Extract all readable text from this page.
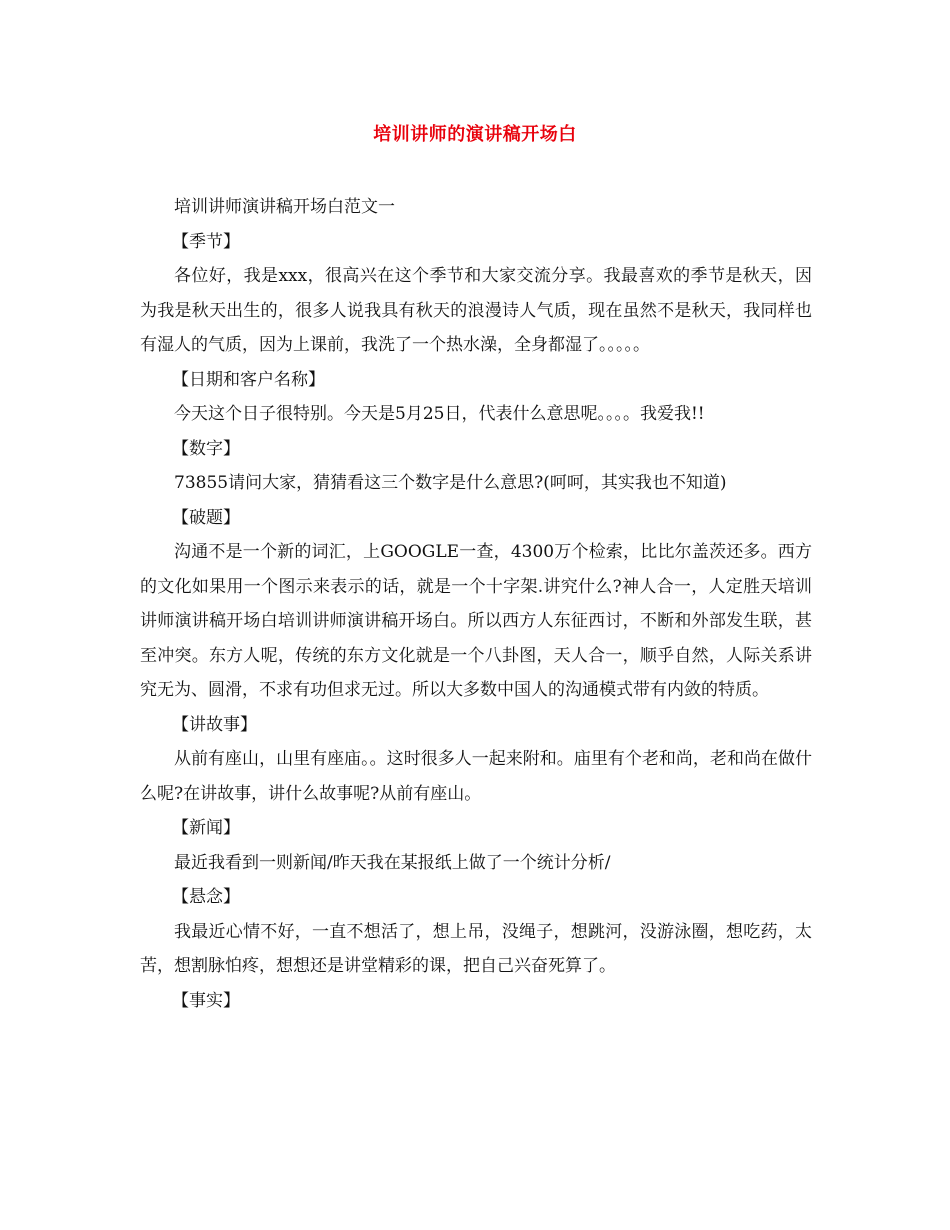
培训讲师的演讲稿开场白

培训讲师演讲稿开场白范文一

【季节】

各位好，我是xxx，很高兴在这个季节和大家交流分享。我最喜欢的季节是秋天，因为我是秋天出生的，很多人说我具有秋天的浪漫诗人气质，现在虽然不是秋天，我同样也有湿人的气质，因为上课前，我洗了一个热水澡，全身都湿了。。。。。

【日期和客户名称】

今天这个日子很特别。今天是5月25日，代表什么意思呢。。。。我爱我!!

【数字】

73855请问大家，猜猜看这三个数字是什么意思?(呵呵，其实我也不知道)

【破题】

沟通不是一个新的词汇，上GOOGLE一查，4300万个检索，比比尔盖茨还多。西方的文化如果用一个图示来表示的话，就是一个十字架.讲究什么?神人合一，人定胜天培训讲师演讲稿开场白培训讲师演讲稿开场白。所以西方人东征西讨，不断和外部发生联，甚至冲突。东方人呢，传统的东方文化就是一个八卦图，天人合一，顺乎自然，人际关系讲究无为、圆滑，不求有功但求无过。所以大多数中国人的沟通模式带有内敛的特质。

【讲故事】

从前有座山，山里有座庙。。这时很多人一起来附和。庙里有个老和尚，老和尚在做什么呢?在讲故事，讲什么故事呢?从前有座山。

【新闻】

最近我看到一则新闻/昨天我在某报纸上做了一个统计分析/

【悬念】

我最近心情不好，一直不想活了，想上吊，没绳子，想跳河，没游泳圈，想吃药，太苦，想割脉怕疼，想想还是讲堂精彩的课，把自己兴奋死算了。

【事实】
